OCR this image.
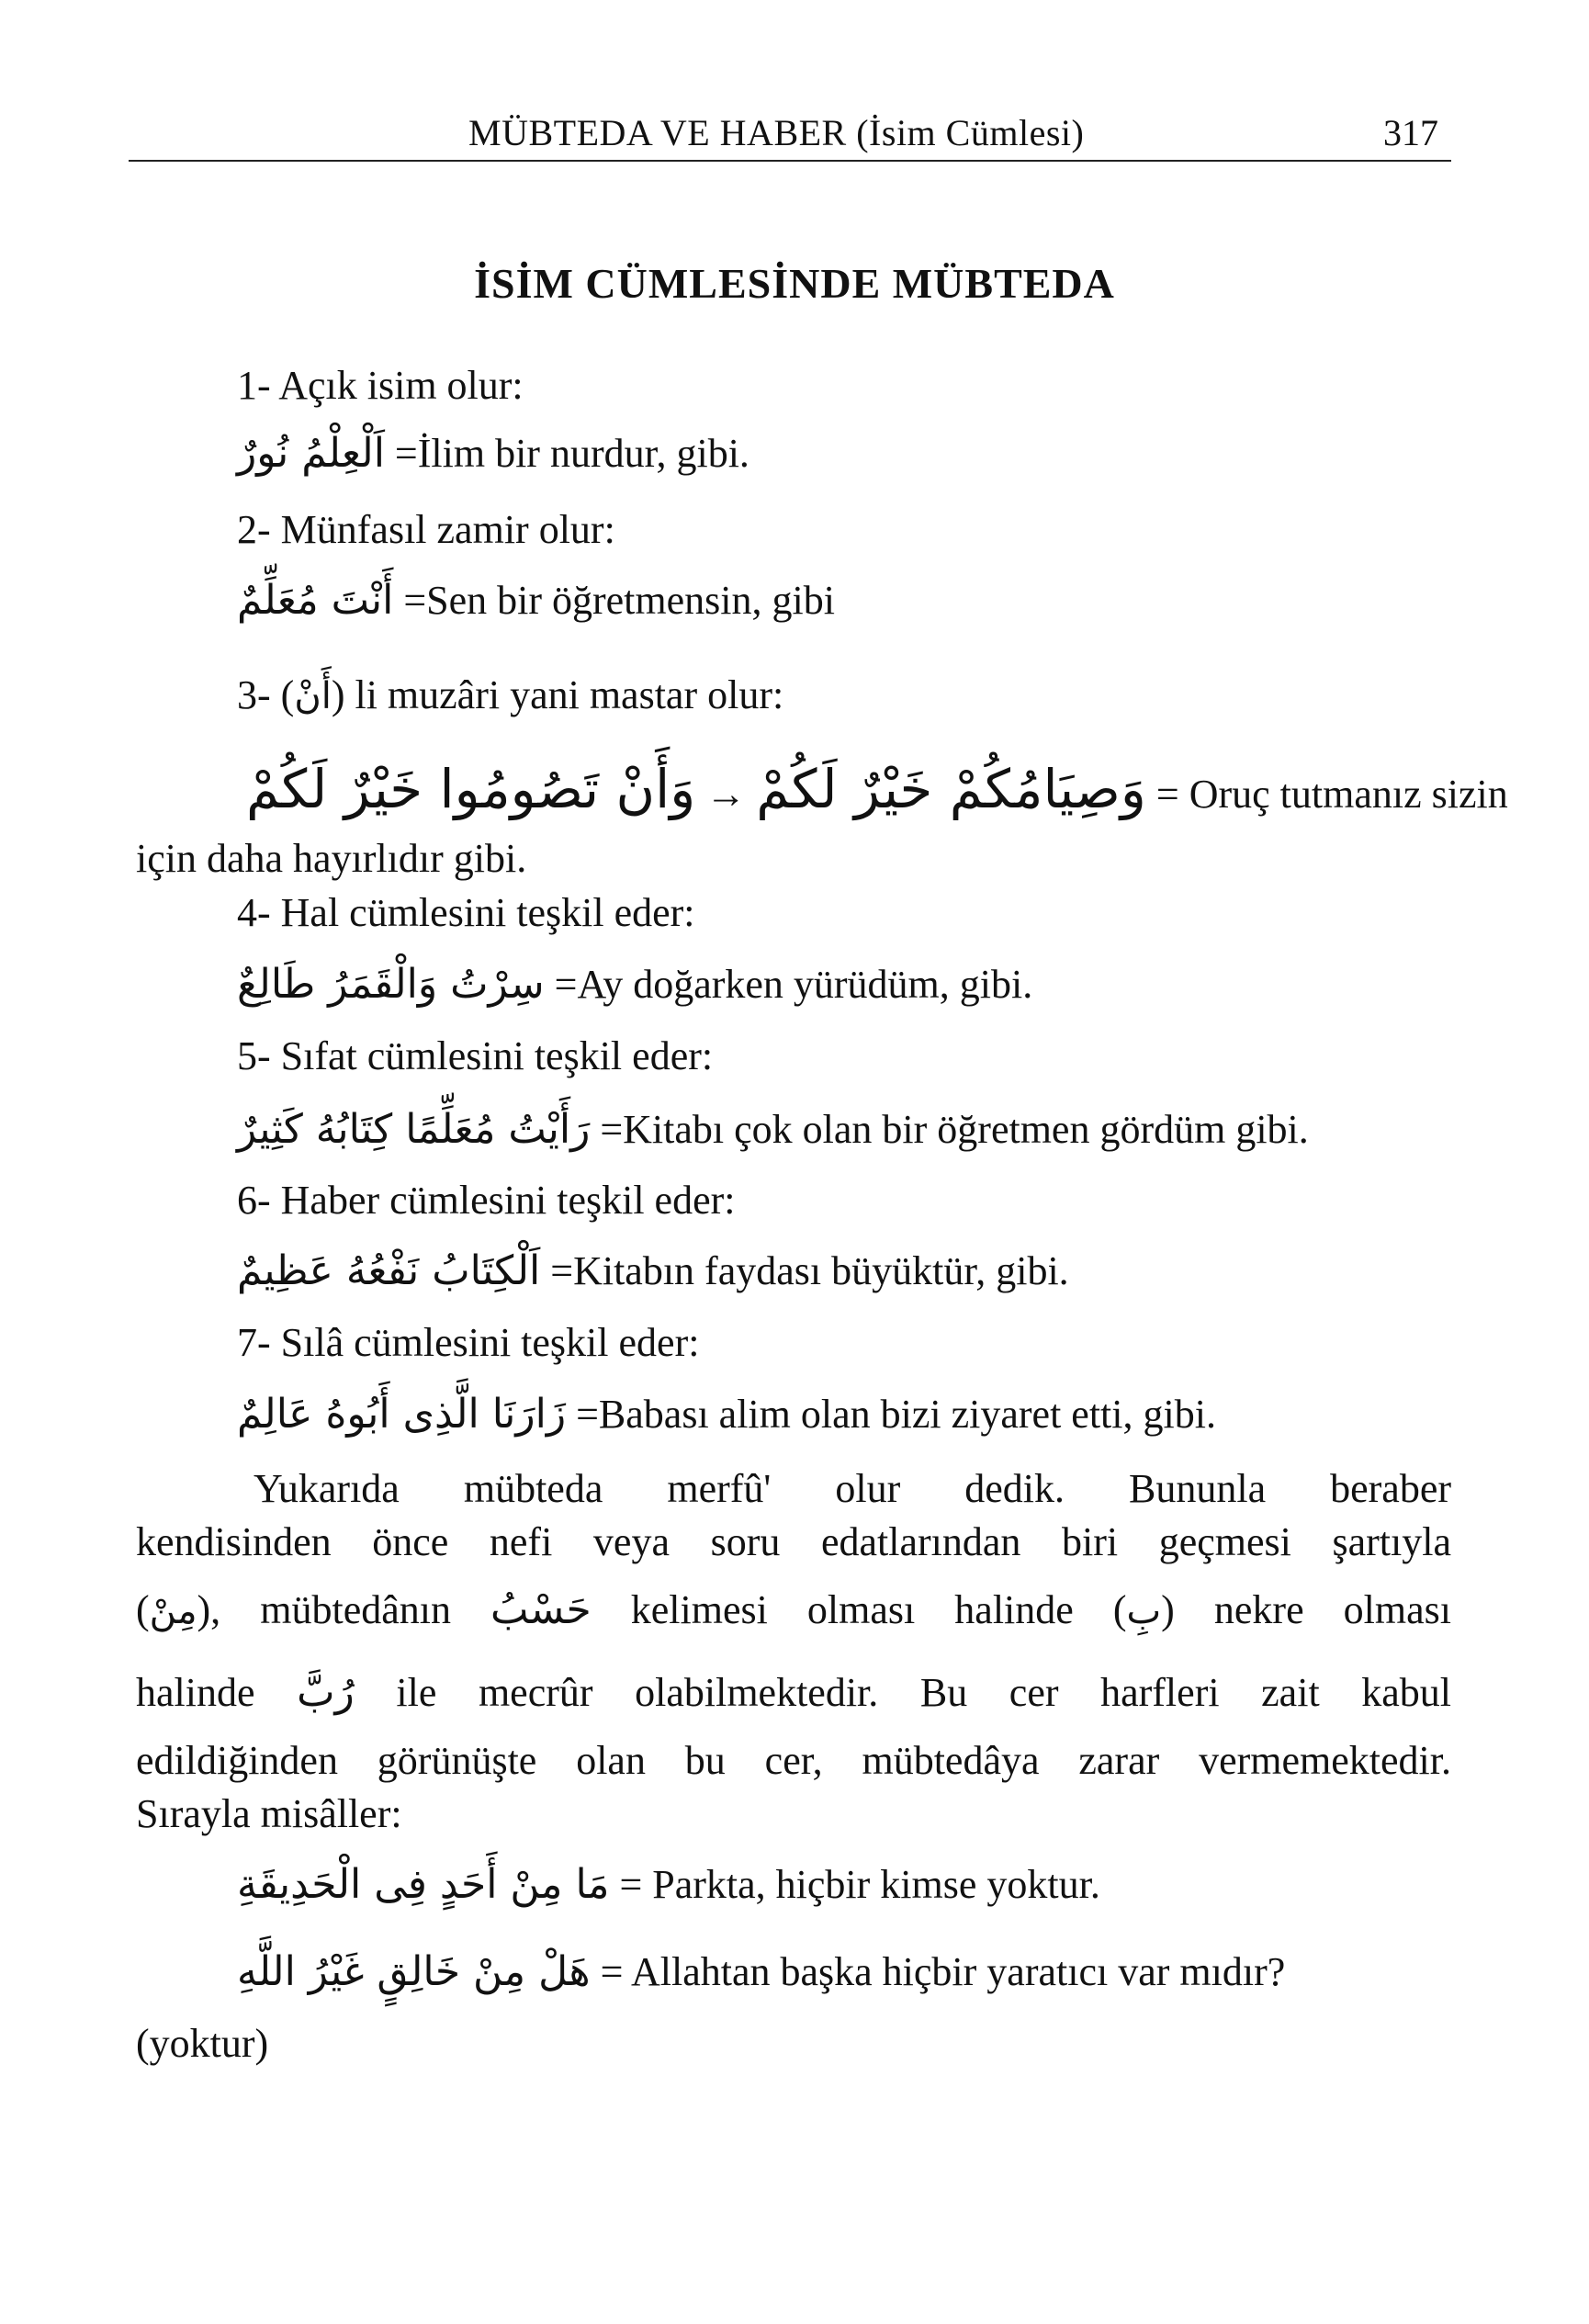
MÜBTEDA VE HABER (İsim Cümlesi)	317
İSİM CÜMLESİNDE MÜBTEDA
1- Açık isim olur:
اَلْعِلْمُ نُورٌ =İlim bir nurdur, gibi.
2- Münfasıl zamir olur:
أَنْتَ مُعَلِّمٌ =Sen bir öğretmensin, gibi
3- (أَنْ) li muzâri yani mastar olur:
وَأَنْ تَصُومُوا خَيْرٌ لَكُمْ → وَصِيَامُكُمْ خَيْرٌ لَكُمْ = Oruç tutmanız sizin
için daha hayırlıdır gibi.
4- Hal cümlesini teşkil eder:
سِرْتُ وَالْقَمَرُ طَالِعٌ =Ay doğarken yürüdüm, gibi.
5- Sıfat cümlesini teşkil eder:
رَأَيْتُ مُعَلِّمًا كِتَابُهُ كَثِيرٌ =Kitabı çok olan bir öğretmen gördüm gibi.
6- Haber cümlesini teşkil eder:
اَلْكِتَابُ نَفْعُهُ عَظِيمٌ =Kitabın faydası büyüktür, gibi.
7- Sılâ cümlesini teşkil eder:
زَارَنَا الَّذِى أَبُوهُ عَالِمٌ =Babası alim olan bizi ziyaret etti, gibi.
Yukarıda mübteda merfû' olur dedik. Bununla beraber
kendisinden önce nefi veya soru edatlarından biri geçmesi şartıyla
(مِنْ), mübtedânın حَسْبُ kelimesi olması halinde (بِ) nekre olması
halinde رُبَّ ile mecrûr olabilmektedir. Bu cer harfleri zait kabul
edildiğinden görünüşte olan bu cer, mübtedâya zarar vermemektedir.
Sırayla misâller:
مَا مِنْ أَحَدٍ فِى الْحَدِيقَةِ = Parkta, hiçbir kimse yoktur.
هَلْ مِنْ خَالِقٍ غَيْرُ اللَّهِ = Allahtan başka hiçbir yaratıcı var mıdır?
(yoktur)
